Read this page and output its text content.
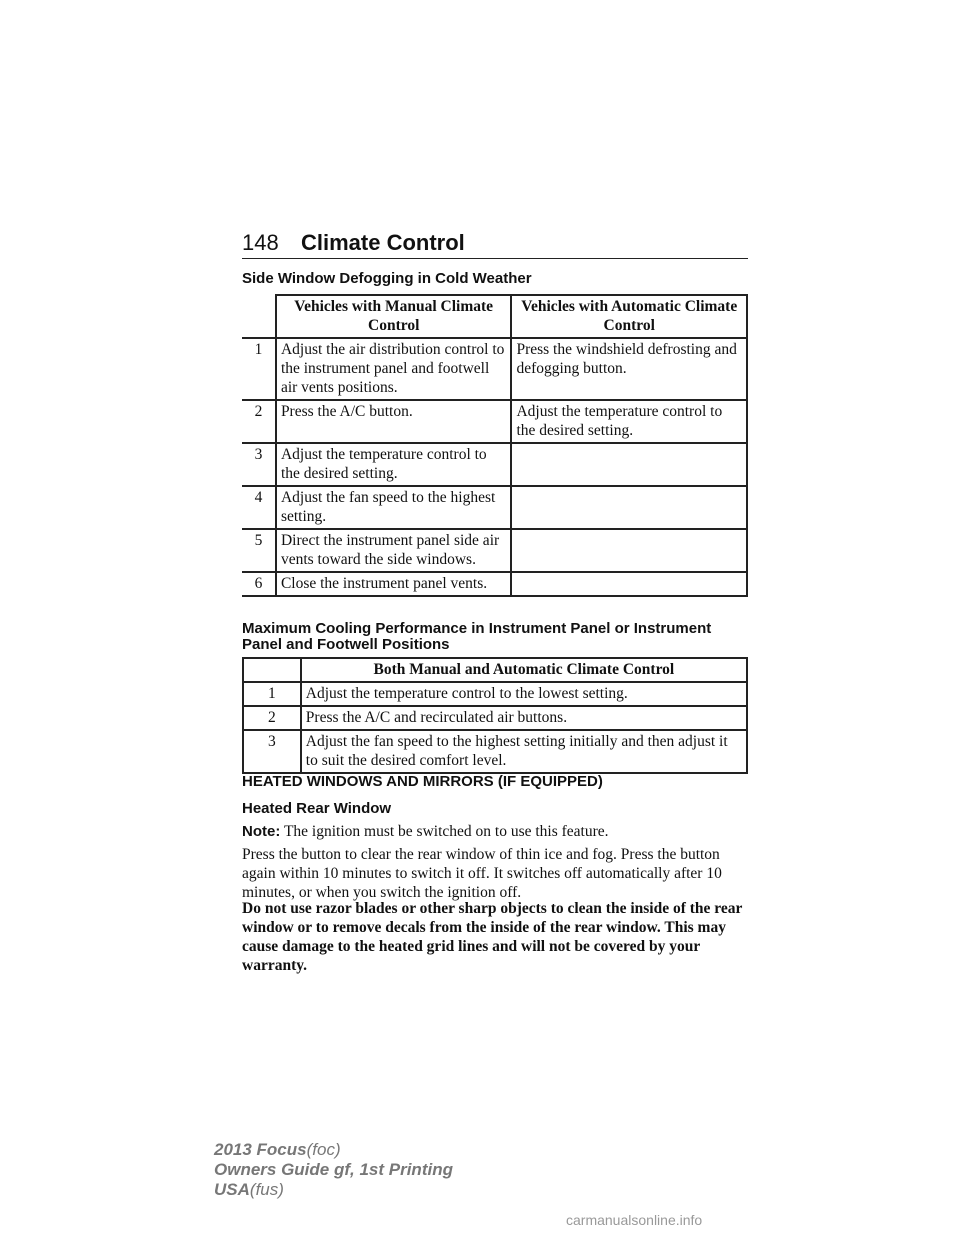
148 Climate Control
Side Window Defogging in Cold Weather
	Vehicles with Manual Climate Control	Vehicles with Automatic Climate Control
1	Adjust the air distribution control to the instrument panel and footwell air vents positions.	Press the windshield defrosting and defogging button.
2	Press the A/C button.	Adjust the temperature control to the desired setting.
3	Adjust the temperature control to the desired setting.	
4	Adjust the fan speed to the highest setting.	
5	Direct the instrument panel side air vents toward the side windows.	
6	Close the instrument panel vents.	
Maximum Cooling Performance in Instrument Panel or Instrument Panel and Footwell Positions
	Both Manual and Automatic Climate Control
1	Adjust the temperature control to the lowest setting.
2	Press the A/C and recirculated air buttons.
3	Adjust the fan speed to the highest setting initially and then adjust it to suit the desired comfort level.
HEATED WINDOWS AND MIRRORS (IF EQUIPPED)
Heated Rear Window
Note: The ignition must be switched on to use this feature.
Press the button to clear the rear window of thin ice and fog. Press the button again within 10 minutes to switch it off. It switches off automatically after 10 minutes, or when you switch the ignition off.
Do not use razor blades or other sharp objects to clean the inside of the rear window or to remove decals from the inside of the rear window. This may cause damage to the heated grid lines and will not be covered by your warranty.
2013 Focus(foc)
Owners Guide gf, 1st Printing
USA(fus)
carmanualsonline.info
